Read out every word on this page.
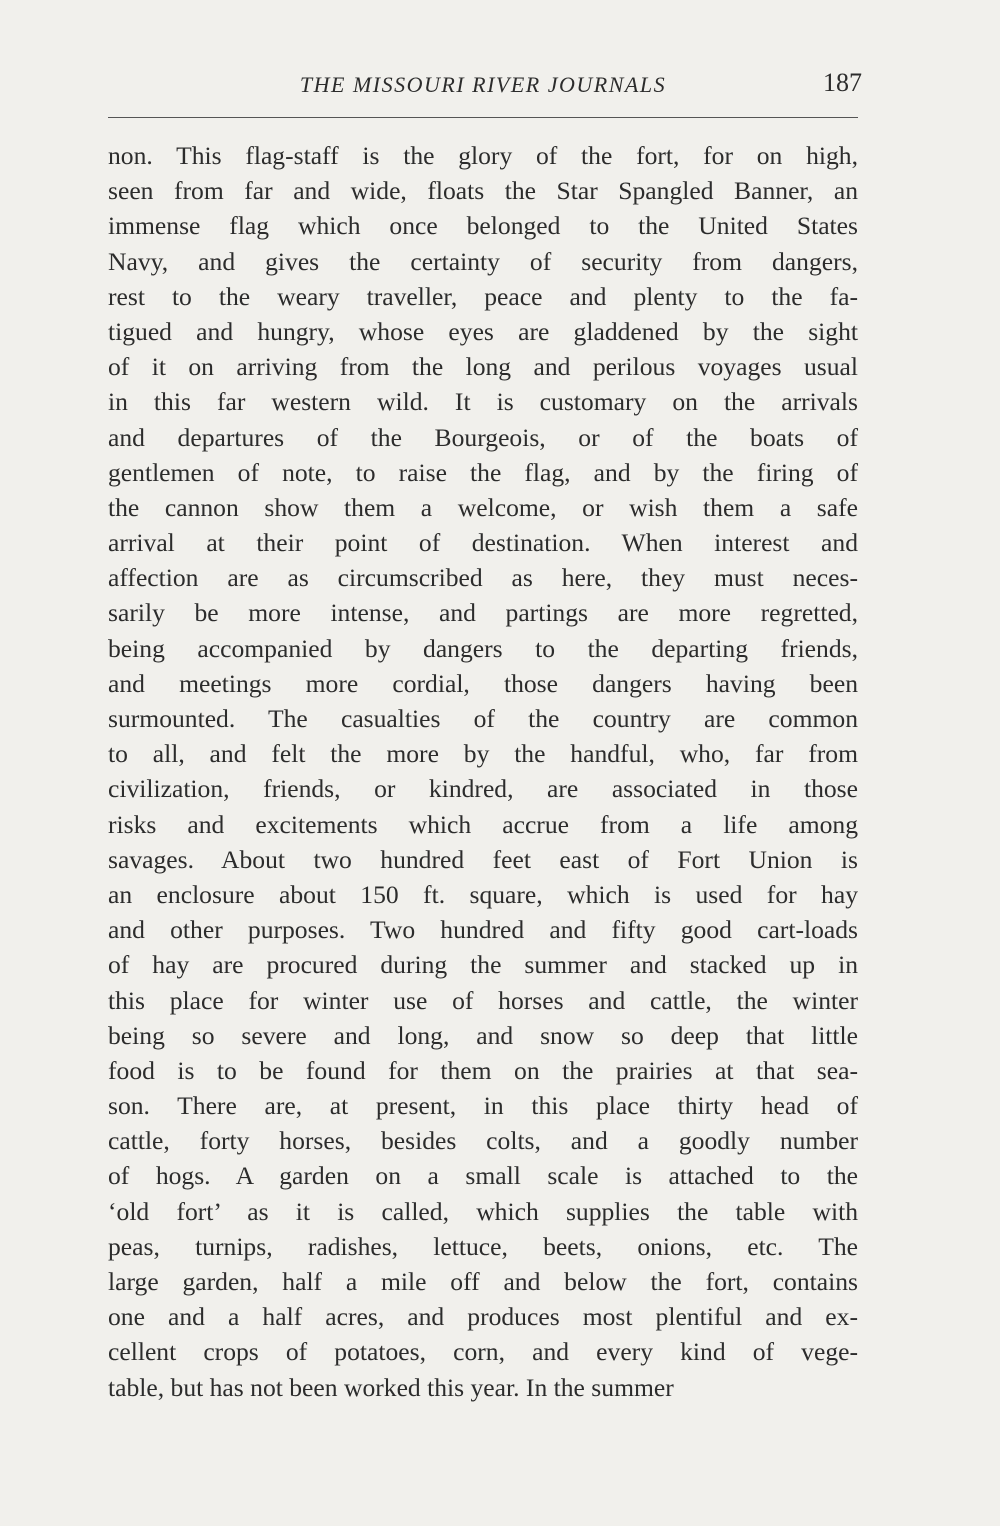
THE MISSOURI RIVER JOURNALS	187
non. This flag-staff is the glory of the fort, for on high,
seen from far and wide, floats the Star Spangled Banner, an
immense flag which once belonged to the United States
Navy, and gives the certainty of security from dangers,
rest to the weary traveller, peace and plenty to the fa-
tigued and hungry, whose eyes are gladdened by the sight
of it on arriving from the long and perilous voyages usual
in this far western wild. It is customary on the arrivals
and departures of the Bourgeois, or of the boats of
gentlemen of note, to raise the flag, and by the firing of
the cannon show them a welcome, or wish them a safe
arrival at their point of destination. When interest and
affection are as circumscribed as here, they must neces-
sarily be more intense, and partings are more regretted,
being accompanied by dangers to the departing friends,
and meetings more cordial, those dangers having been
surmounted. The casualties of the country are common
to all, and felt the more by the handful, who, far from
civilization, friends, or kindred, are associated in those
risks and excitements which accrue from a life among
savages. About two hundred feet east of Fort Union is
an enclosure about 150 ft. square, which is used for hay
and other purposes. Two hundred and fifty good cart-loads
of hay are procured during the summer and stacked up in
this place for winter use of horses and cattle, the winter
being so severe and long, and snow so deep that little
food is to be found for them on the prairies at that sea-
son. There are, at present, in this place thirty head of
cattle, forty horses, besides colts, and a goodly number
of hogs. A garden on a small scale is attached to the
‘old fort’ as it is called, which supplies the table with
peas, turnips, radishes, lettuce, beets, onions, etc. The
large garden, half a mile off and below the fort, contains
one and a half acres, and produces most plentiful and ex-
cellent crops of potatoes, corn, and every kind of vege-
table, but has not been worked this year. In the summer
